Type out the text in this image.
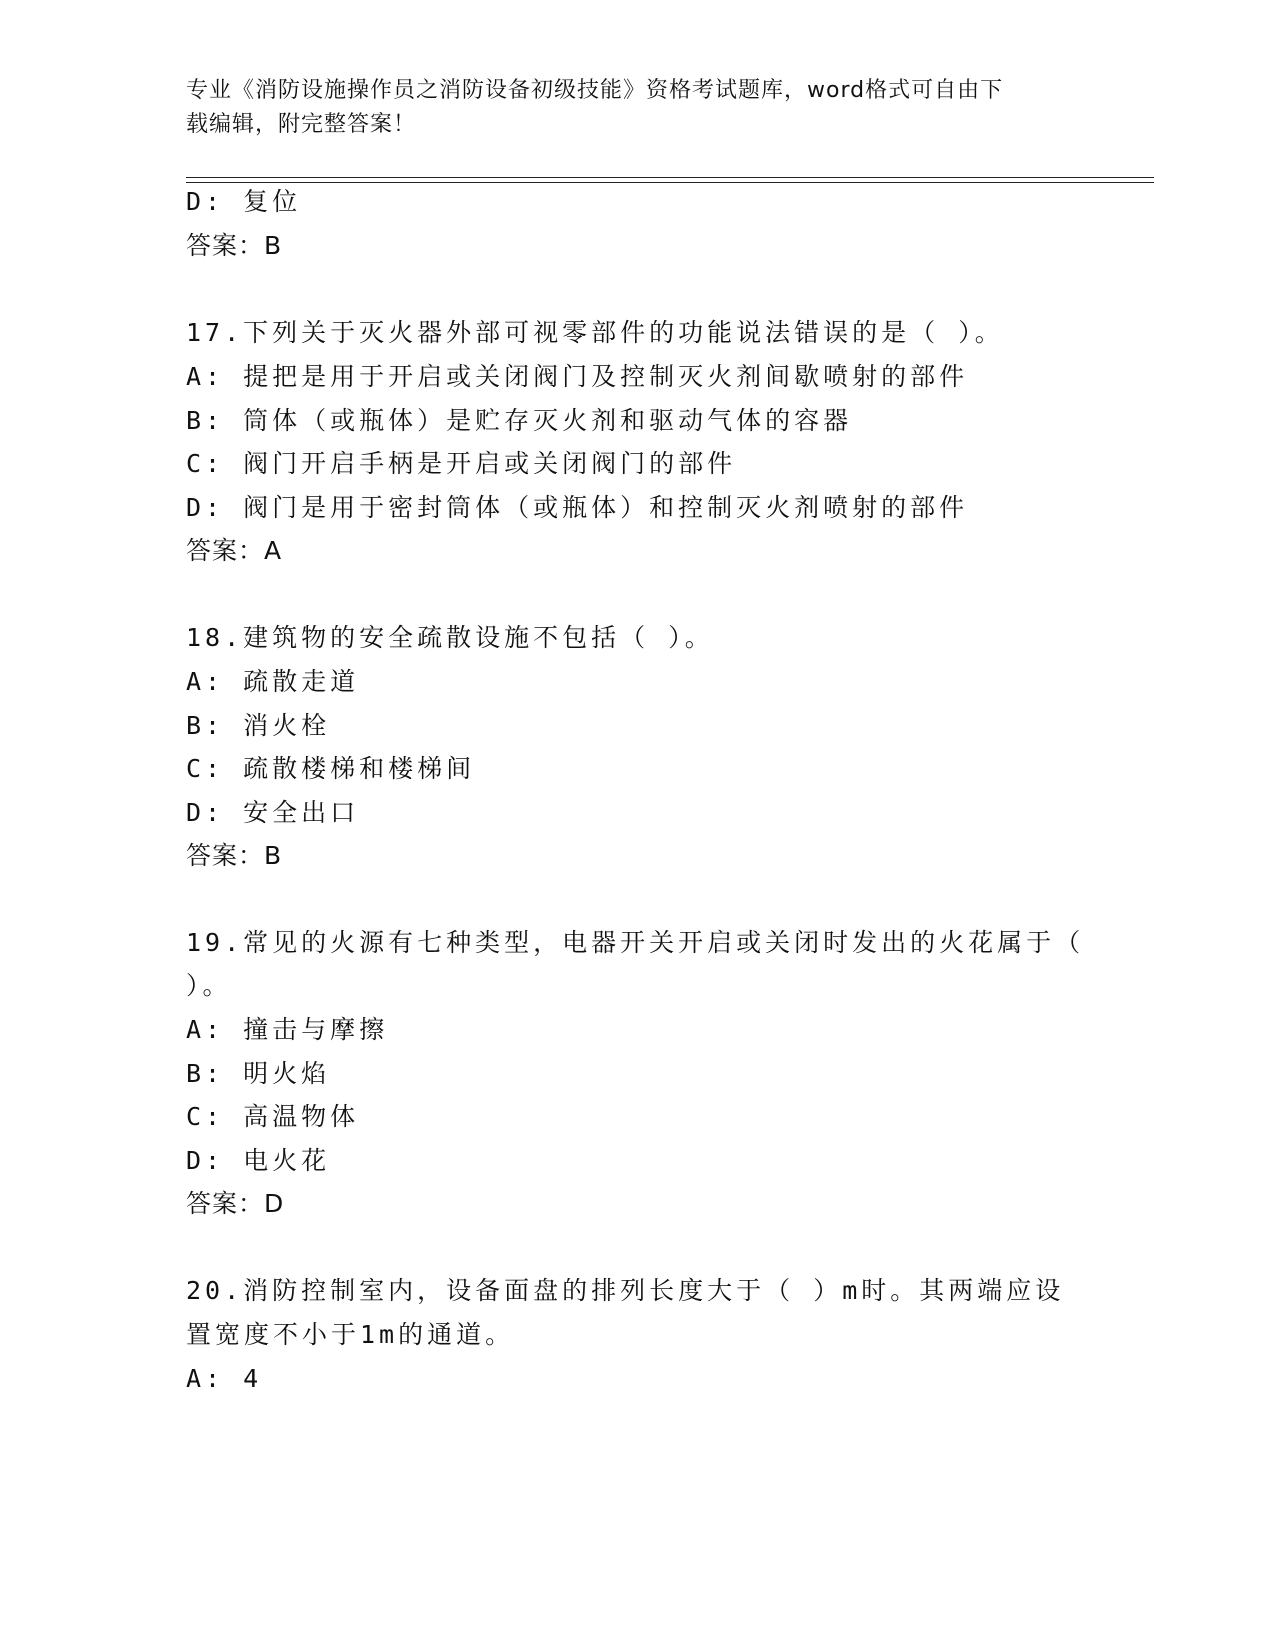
专业《消防设施操作员之消防设备初级技能》资格考试题库，word格式可自由下
载编辑，附完整答案！
D: 复位
答案：B
17.下列关于灭火器外部可视零部件的功能说法错误的是（ ）。
A: 提把是用于开启或关闭阀门及控制灭火剂间歇喷射的部件
B: 筒体（或瓶体）是贮存灭火剂和驱动气体的容器
C: 阀门开启手柄是开启或关闭阀门的部件
D: 阀门是用于密封筒体（或瓶体）和控制灭火剂喷射的部件
答案：A
18.建筑物的安全疏散设施不包括（ ）。
A: 疏散走道
B: 消火栓
C: 疏散楼梯和楼梯间
D: 安全出口
答案：B
19.常见的火源有七种类型，电器开关开启或关闭时发出的火花属于（
）。
A: 撞击与摩擦
B: 明火焰
C: 高温物体
D: 电火花
答案：D
20.消防控制室内，设备面盘的排列长度大于（ ）m时。其两端应设
置宽度不小于1m的通道。
A: 4
